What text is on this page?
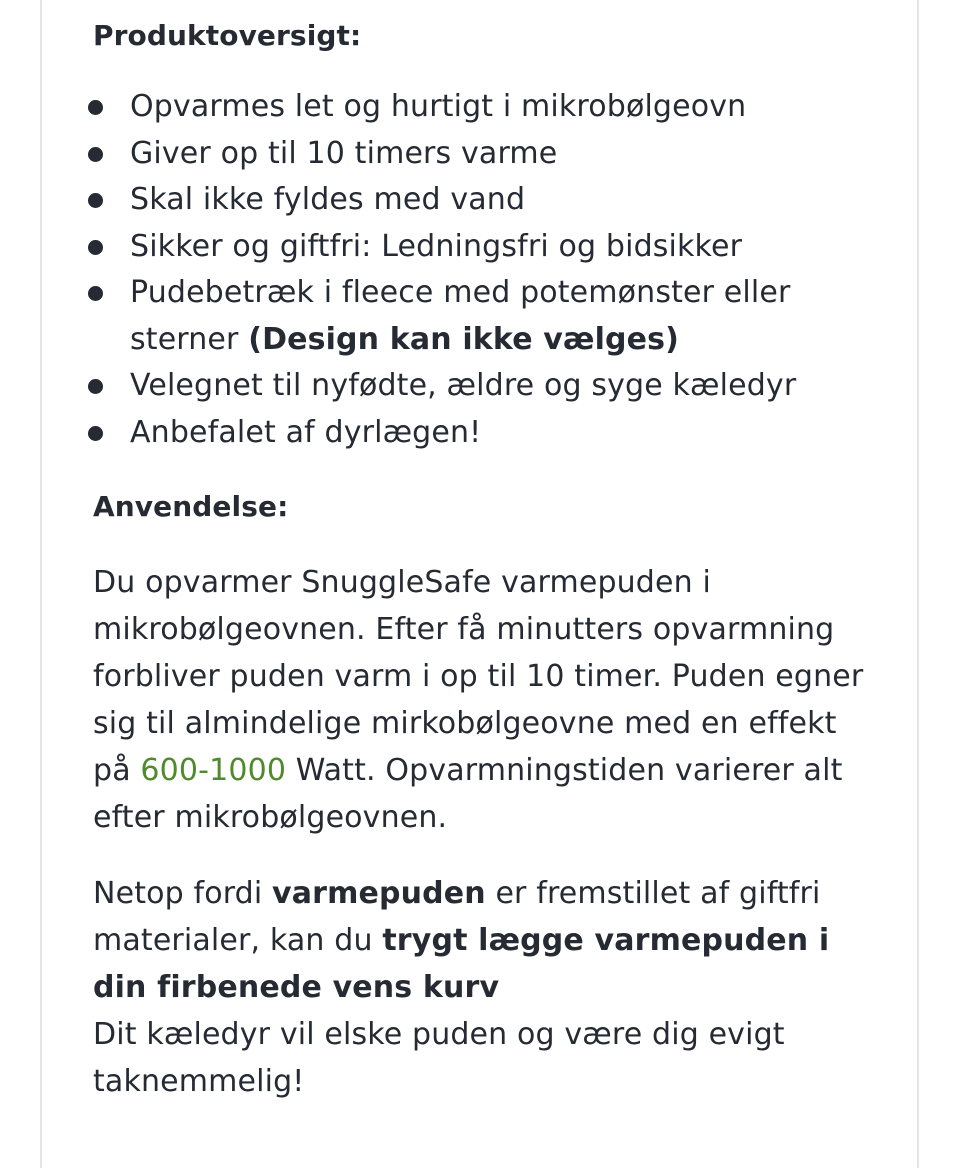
Produktoversigt:
Opvarmes let og hurtigt i mikrobølgeovn
Giver op til 10 timers varme
Skal ikke fyldes med vand
Sikker og giftfri: Ledningsfri og bidsikker
Pudebetræk i fleece med potemønster eller sterner (Design kan ikke vælges)
Velegnet til nyfødte, ældre og syge kæledyr
Anbefalet af dyrlægen!
Anvendelse:

Du opvarmer SnuggleSafe varmepuden i mikrobølgeovnen. Efter få minutters opvarmning forbliver puden varm i op til 10 timer. Puden egner sig til almindelige mirkobølgeovne med en effekt på 600-1000 Watt. Opvarmningstiden varierer alt efter mikrobølgeovnen.

Netop fordi varmepuden er fremstillet af giftfri materialer, kan du trygt lægge varmepuden i din firbenede vens kurv
Dit kæledyr vil elske puden og være dig evigt taknemmelig!
